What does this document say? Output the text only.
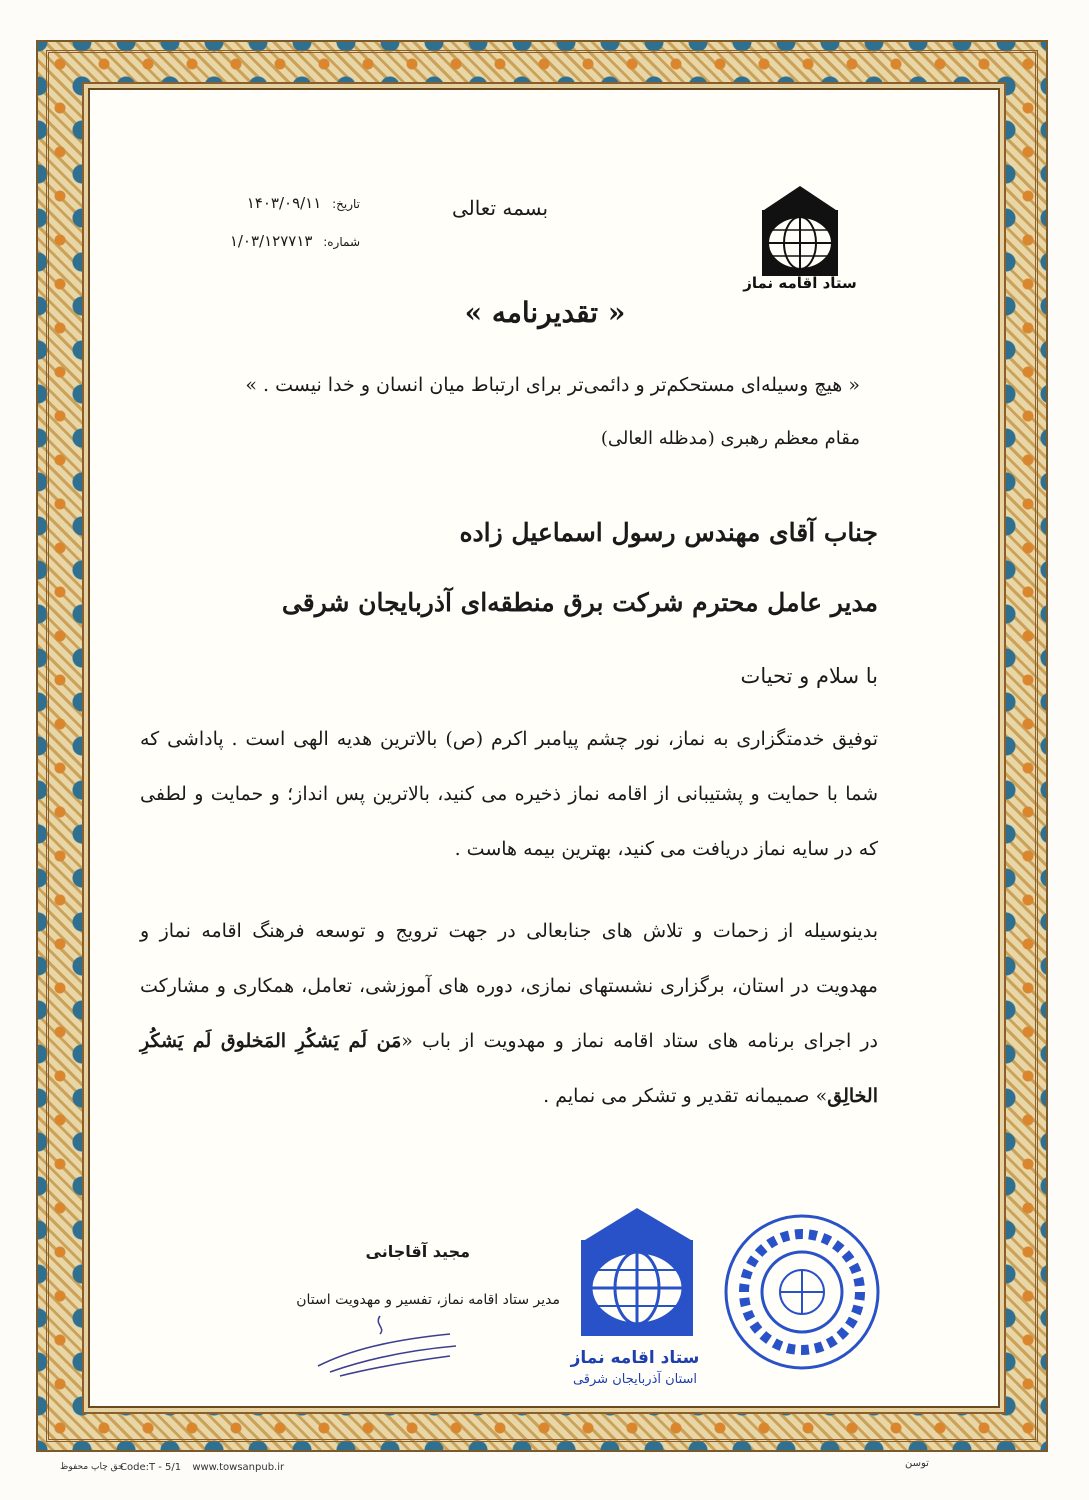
ستاد اقامه نماز
بسمه تعالی
تاریخ: ۱۴۰۳/۰۹/۱۱
شماره: ۱/۰۳/۱۲۷۷۱۳
« تقدیرنامه »
« هیچ وسیله‌ای مستحکم‌تر و دائمی‌تر برای ارتباط میان انسان و خدا نیست . »
مقام معظم رهبری (مدظله العالی)
جناب آقای مهندس رسول اسماعیل زاده
مدیر عامل محترم شرکت برق منطقه‌ای آذربایجان شرقی
با سلام و تحیات
توفیق خدمتگزاری به نماز، نور چشم پیامبر اکرم (ص) بالاترین هدیه الهی است . پاداشی که شما با حمایت و پشتیبانی از اقامه نماز ذخیره می کنید، بالاترین پس انداز؛ و حمایت و لطفی که در سایه نماز دریافت می کنید، بهترین بیمه هاست .
بدینوسیله از زحمات و تلاش های جنابعالی در جهت ترویج و توسعه فرهنگ اقامه نماز و مهدویت در استان، برگزاری نشستهای نمازی، دوره های آموزشی، تعامل، همکاری و مشارکت در اجرای برنامه های ستاد اقامه نماز و مهدویت از باب «مَن لَم یَشکُرِ المَخلوق لَم یَشکُرِ الخالِق» صمیمانه تقدیر و تشکر می نمایم .
مجید آقاجانی
مدیر ستاد اقامه نماز، تفسیر و مهدویت استان
ستاد اقامه نماز
استان آذربایجان شرقی
حق چاپ محفوظ
Code:T - 5/1 www.towsanpub.ir	توسن
